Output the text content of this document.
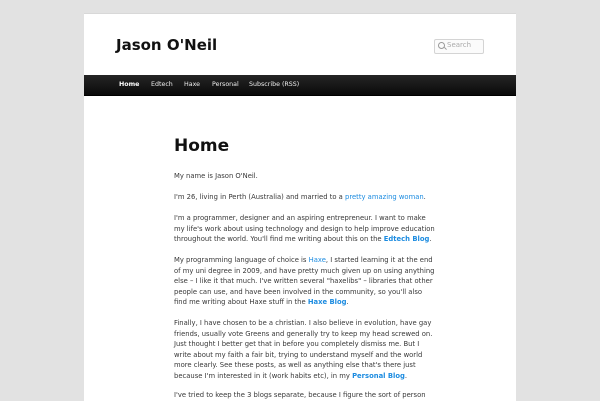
Jason O'Neil	Search
Home Edtech Haxe Personal Subscribe (RSS)
Home
My name is Jason O'Neil.
I'm 26, living in Perth (Australia) and married to a pretty amazing woman.
I'm a programmer, designer and an aspiring entrepreneur. I want to make my life's work about using technology and design to help improve education throughout the world. You'll find me writing about this on the Edtech Blog.
My programming language of choice is Haxe, I started learning it at the end of my uni degree in 2009, and have pretty much given up on using anything else – I like it that much. I've written several "haxelibs" – libraries that other people can use, and have been involved in the community, so you'll also find me writing about Haxe stuff in the Haxe Blog.
Finally, I have chosen to be a christian. I also believe in evolution, have gay friends, usually vote Greens and generally try to keep my head screwed on. Just thought I better get that in before you completely dismiss me. But I write about my faith a fair bit, trying to understand myself and the world more clearly. See these posts, as well as anything else that's there just because I'm interested in it (work habits etc), in my Personal Blog.
I've tried to keep the 3 blogs separate, because I figure the sort of person
